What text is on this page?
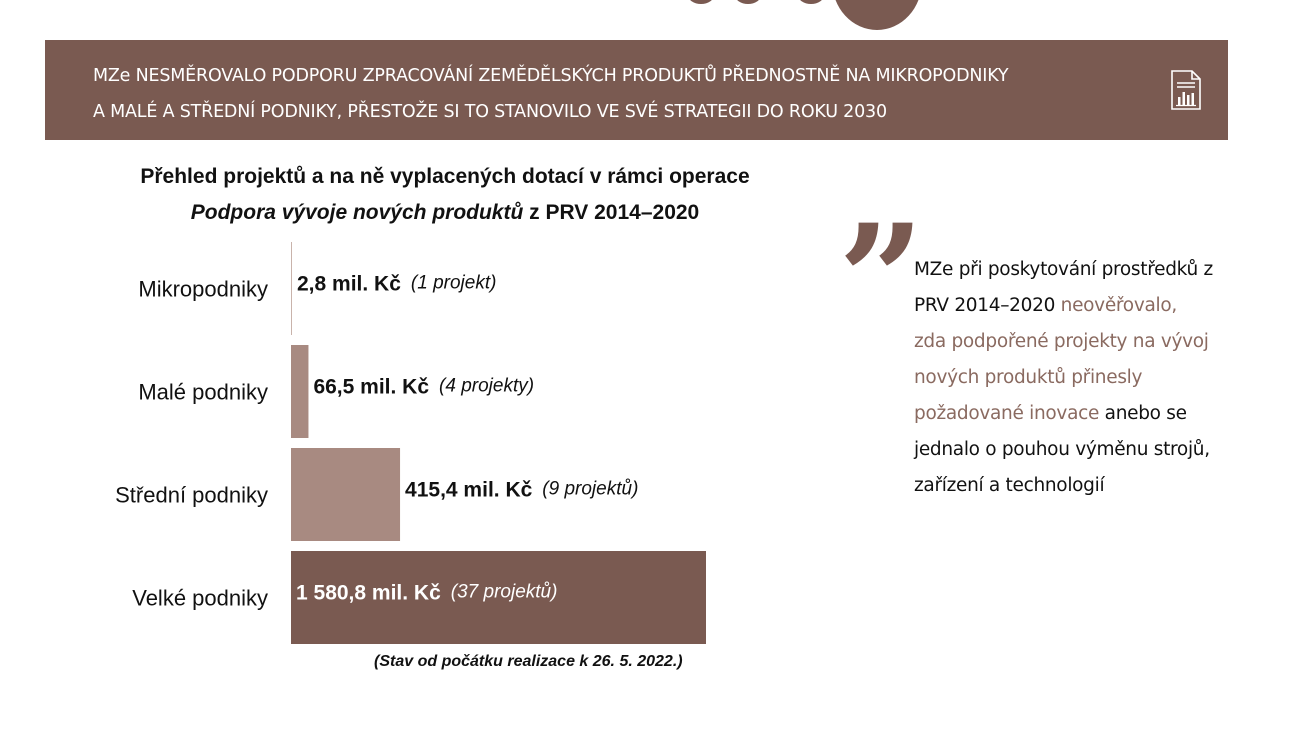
MZe NESMĚROVALO PODPORU ZPRACOVÁNÍ ZEMĚDĚLSKÝCH PRODUKTŮ PŘEDNOSTNĚ NA MIKROPODNIKY
A MALÉ A STŘEDNÍ PODNIKY, PŘESTOŽE SI TO STANOVILO VE SVÉ STRATEGII DO ROKU 2030
Přehled projektů a na ně vyplacených dotací v rámci operace
Podpora vývoje nových produktů z PRV 2014–2020
Mikropodniky 2,8 mil. Kč (1 projekt)
Malé podniky 66,5 mil. Kč (4 projekty)
Střední podniky	415,4 mil. Kč (9 projektů)
Velké podniky 1 580,8 mil. Kč (37 projektů)
(Stav od počátku realizace k 26. 5. 2022.)
”
MZe při poskytování prostředků z PRV 2014–2020 neověřovalo, zda podpořené projekty na vývoj nových produktů přinesly požadované inovace anebo se jednalo o pouhou výměnu strojů, zařízení a technologií
